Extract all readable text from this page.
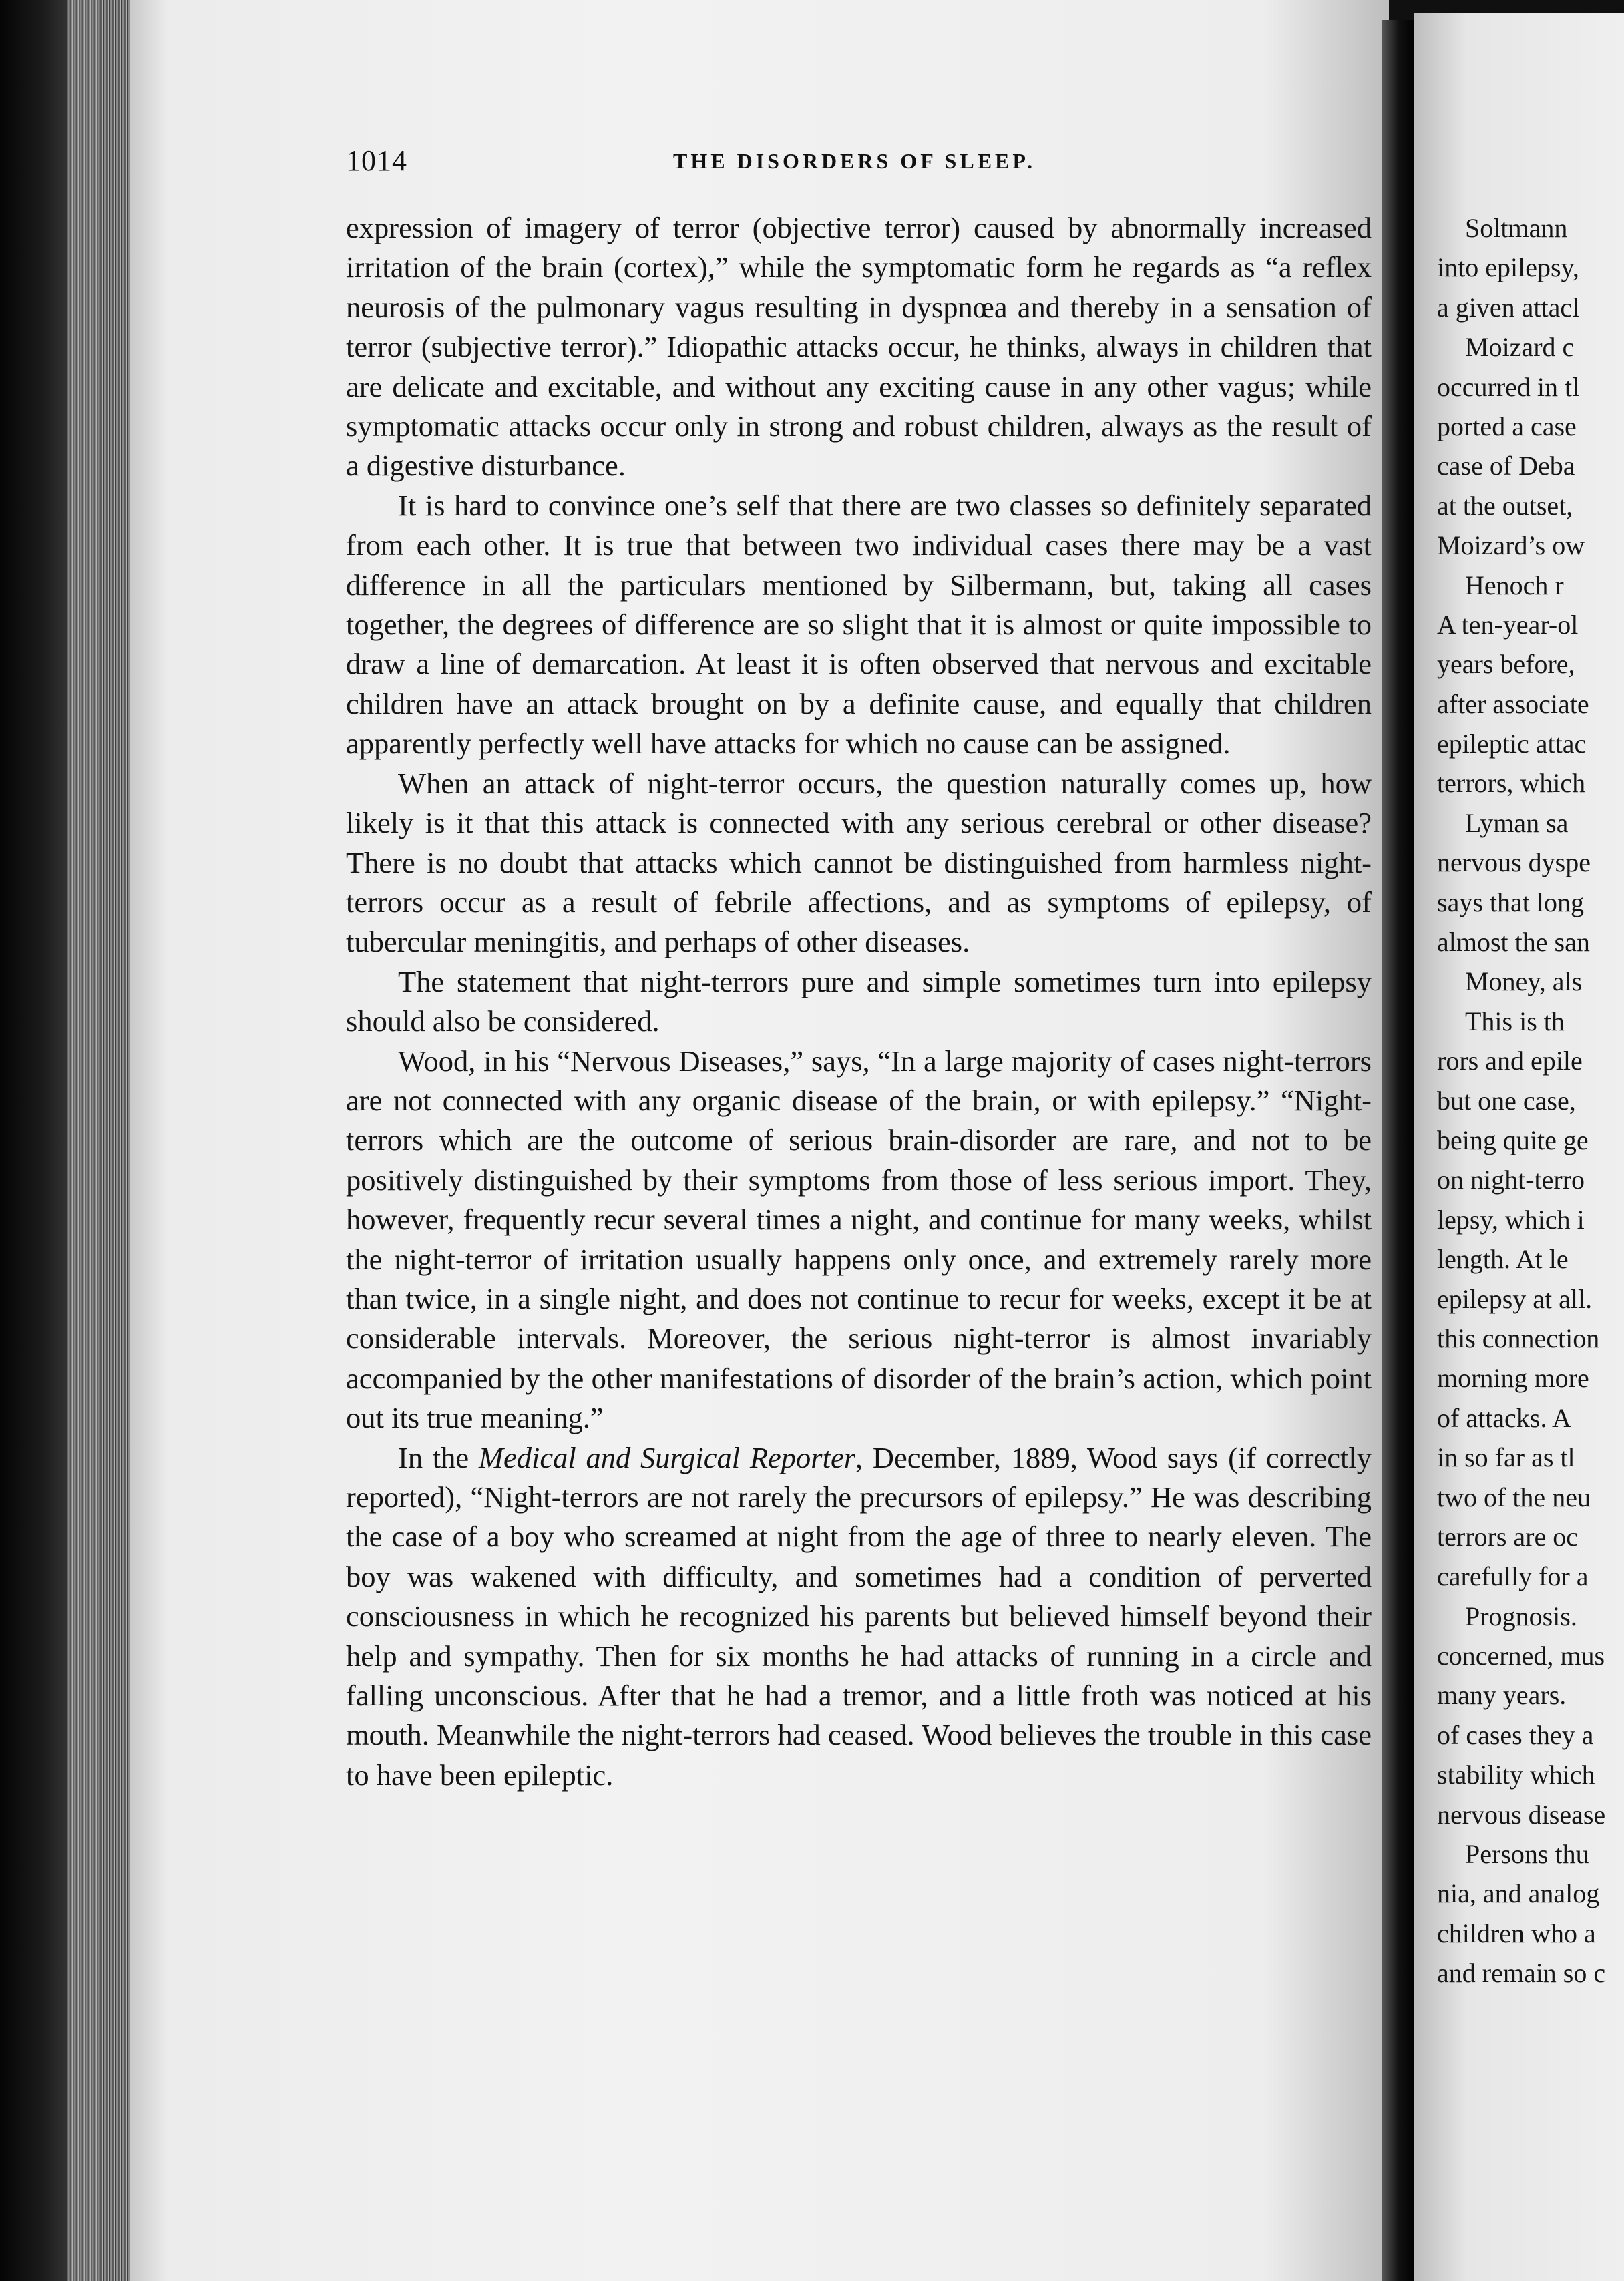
1014	THE DISORDERS OF SLEEP.

expression of imagery of terror (objective terror) caused by abnormally increased irritation of the brain (cortex),” while the symptomatic form he regards as “a reflex neurosis of the pulmonary vagus resulting in dyspnœa and thereby in a sensation of terror (subjective terror).” Idiopathic attacks occur, he thinks, always in children that are delicate and excitable, and without any exciting cause in any other vagus; while symptomatic attacks occur only in strong and robust children, always as the result of a digestive disturbance.

It is hard to convince one’s self that there are two classes so definitely separated from each other. It is true that between two individual cases there may be a vast difference in all the particulars mentioned by Silbermann, but, taking all cases together, the degrees of difference are so slight that it is almost or quite impossible to draw a line of demarcation. At least it is often observed that nervous and excitable children have an attack brought on by a definite cause, and equally that children apparently perfectly well have attacks for which no cause can be assigned.

When an attack of night-terror occurs, the question naturally comes up, how likely is it that this attack is connected with any serious cerebral or other disease? There is no doubt that attacks which cannot be distinguished from harmless night-terrors occur as a result of febrile affections, and as symptoms of epilepsy, of tubercular meningitis, and perhaps of other diseases.

The statement that night-terrors pure and simple sometimes turn into epilepsy should also be considered.

Wood, in his “Nervous Diseases,” says, “In a large majority of cases night-terrors are not connected with any organic disease of the brain, or with epilepsy.” “Night-terrors which are the outcome of serious brain-disorder are rare, and not to be positively distinguished by their symptoms from those of less serious import. They, however, frequently recur several times a night, and continue for many weeks, whilst the night-terror of irritation usually happens only once, and extremely rarely more than twice, in a single night, and does not continue to recur for weeks, except it be at considerable intervals. Moreover, the serious night-terror is almost invariably accompanied by the other manifestations of disorder of the brain’s action, which point out its true meaning.”

In the Medical and Surgical Reporter, December, 1889, Wood says (if correctly reported), “Night-terrors are not rarely the precursors of epilepsy.” He was describing the case of a boy who screamed at night from the age of three to nearly eleven. The boy was wakened with difficulty, and sometimes had a condition of perverted consciousness in which he recognized his parents but believed himself beyond their help and sympathy. Then for six months he had attacks of running in a circle and falling unconscious. After that he had a tremor, and a little froth was noticed at his mouth. Meanwhile the night-terrors had ceased. Wood believes the trouble in this case to have been epileptic.

Soltmann
into epilepsy,
a given attacl
Moizard c
occurred in tl
ported a case
case of Deba
at the outset,
Moizard’s ow
Henoch r
A ten-year-ol
years before,
after associate
epileptic attac
terrors, which
Lyman sa
nervous dyspe
says that long
almost the san
Money, als
This is th
rors and epile
but one case,
being quite ge
on night-terro
lepsy, which i
length. At le
epilepsy at all.
this connection
morning more
of attacks. A
in so far as tl
two of the neu
terrors are oc
carefully for a
Prognosis.
concerned, mus
many years.
of cases they a
stability which
nervous disease
Persons thu
nia, and analog
children who a
and remain so c
